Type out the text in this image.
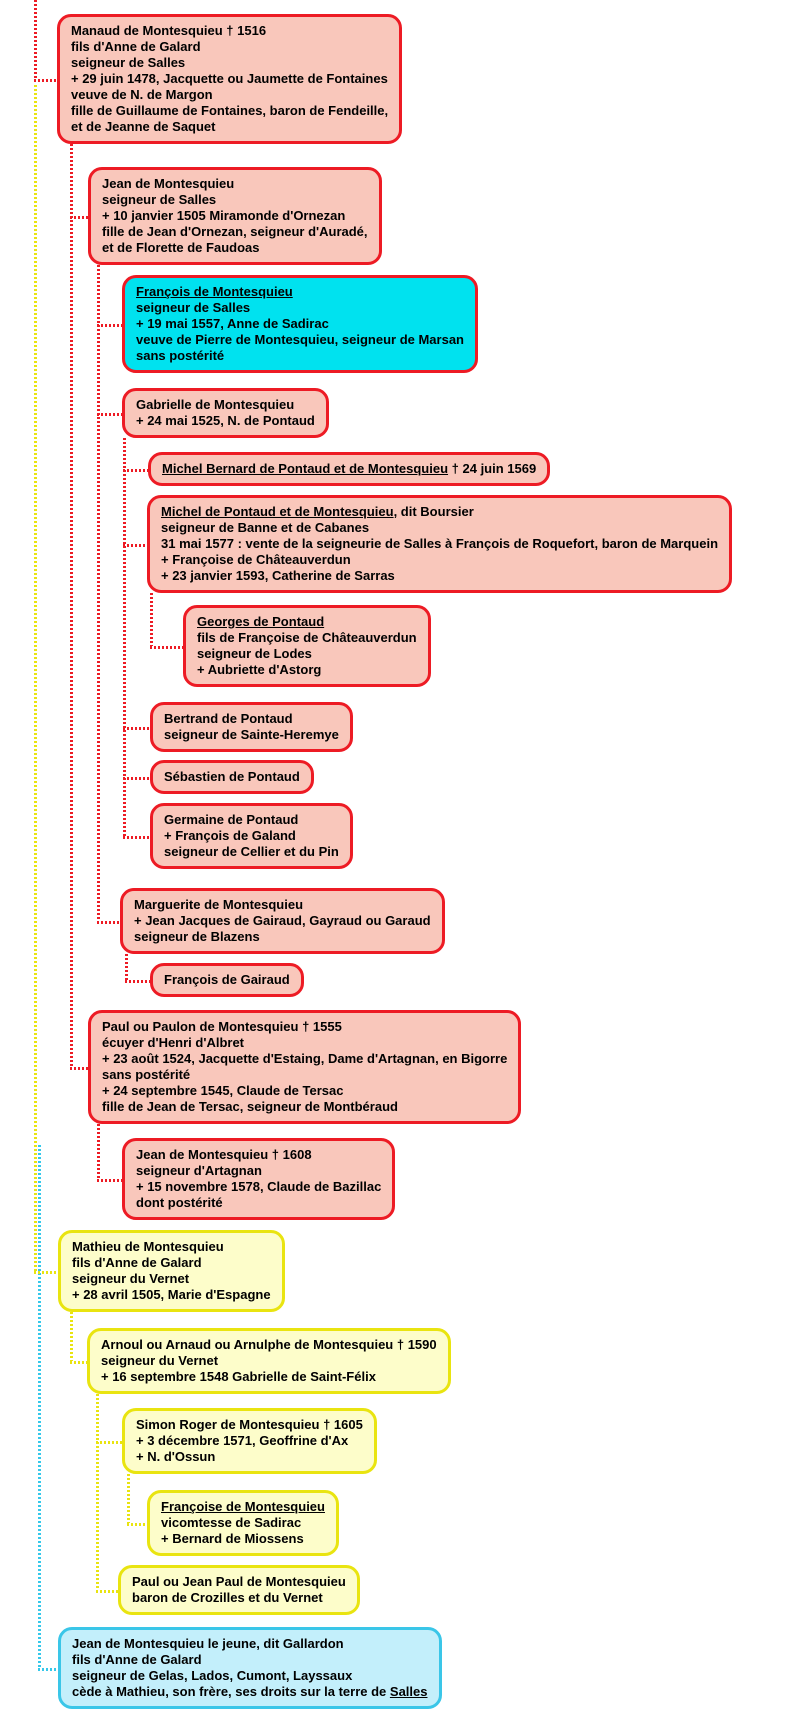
Manaud de Montesquieu † 1516
fils d'Anne de Galard
seigneur de Salles
+ 29 juin 1478, Jacquette ou Jaumette de Fontaines
veuve de N. de Margon
fille de Guillaume de Fontaines, baron de Fendeille,
et de Jeanne de Saquet
Jean de Montesquieu
seigneur de Salles
+ 10 janvier 1505 Miramonde d'Ornezan
fille de Jean d'Ornezan, seigneur d'Auradé,
et de Florette de Faudoas
François de Montesquieu
seigneur de Salles
+ 19 mai 1557, Anne de Sadirac
veuve de Pierre de Montesquieu, seigneur de Marsan
sans postérité
Gabrielle de Montesquieu
+ 24 mai 1525, N. de Pontaud
Michel Bernard de Pontaud et de Montesquieu † 24 juin 1569
Michel de Pontaud et de Montesquieu, dit Boursier
seigneur de Banne et de Cabanes
31 mai 1577 : vente de la seigneurie de Salles à François de Roquefort, baron de Marquein
+ Françoise de Châteauverdun
+ 23 janvier 1593, Catherine de Sarras
Georges de Pontaud
fils de Françoise de Châteauverdun
seigneur de Lodes
+ Aubriette d'Astorg
Bertrand de Pontaud
seigneur de Sainte-Heremye
Sébastien de Pontaud
Germaine de Pontaud
+ François de Galand
seigneur de Cellier et du Pin
Marguerite de Montesquieu
+ Jean Jacques de Gairaud, Gayraud ou Garaud
seigneur de Blazens
François de Gairaud
Paul ou Paulon de Montesquieu † 1555
écuyer d'Henri d'Albret
+ 23 août 1524, Jacquette d'Estaing, Dame d'Artagnan, en Bigorre
sans postérité
+ 24 septembre 1545, Claude de Tersac
fille de Jean de Tersac, seigneur de Montbéraud
Jean de Montesquieu † 1608
seigneur d'Artagnan
+ 15 novembre 1578, Claude de Bazillac
dont postérité
Mathieu de Montesquieu
fils d'Anne de Galard
seigneur du Vernet
+ 28 avril 1505, Marie d'Espagne
Arnoul ou Arnaud ou Arnulphe de Montesquieu † 1590
seigneur du Vernet
+ 16 septembre 1548 Gabrielle de Saint-Félix
Simon Roger de Montesquieu † 1605
+ 3 décembre 1571, Geoffrine d'Ax
+ N. d'Ossun
Françoise de Montesquieu
vicomtesse de Sadirac
+ Bernard de Miossens
Paul ou Jean Paul de Montesquieu
baron de Crozilles et du Vernet
Jean de Montesquieu le jeune, dit Gallardon
fils d'Anne de Galard
seigneur de Gelas, Lados, Cumont, Layssaux
cède à Mathieu, son frère, ses droits sur la terre de Salles
